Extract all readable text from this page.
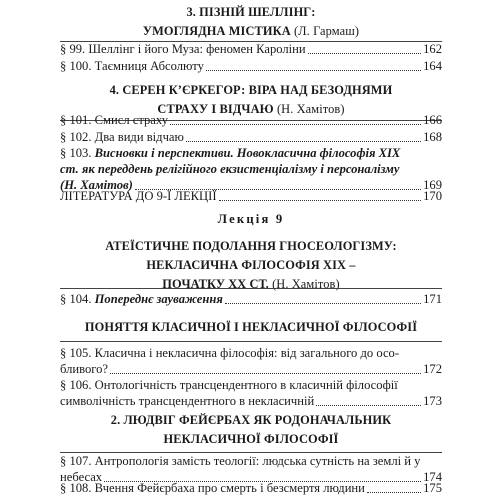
3. ПІЗНІЙ ШЕЛЛІНГ:
УМОГЛЯДНА МІСТИКА (Л. Гармаш)
§ 99. Шеллінг і його Муза: феномен Кароліни	162
§ 100. Таємниця Абсолюту	164
4. СЕРЕН К’ЄРКЕГОР: ВІРА НАД БЕЗОДНЯМИ
СТРАХУ І ВІДЧАЮ (Н. Хамітов)
§ 101. Смисл страху	166
§ 102. Два види відчаю	168
§ 103. Висновки і перспективи. Новокласична філософія XIX
ст. як переддень релігійного екзистенціалізму і персоналізму
(Н. Хамітов)	169
ЛІТЕРАТУРА ДО 9-Ї ЛЕКЦІЇ	170
Лекція 9
АТЕЇСТИЧНЕ ПОДОЛАННЯ ГНОСЕОЛОГІЗМУ:
НЕКЛАСИЧНА ФІЛОСОФІЯ XIX –
ПОЧАТКУ XX СТ. (Н. Хамітов)
§ 104. Попереднє зауваження	171
ПОНЯТТЯ КЛАСИЧНОЇ І НЕКЛАСИЧНОЇ ФІЛОСОФІЇ
§ 105. Класична і некласична філософія: від загального до осо-
бливого?	172
§ 106. Онтологічність трансцендентного в класичній філософії
символічність трансцендентного в некласичній	173
2. ЛЮДВІГ ФЕЙЄРБАХ ЯК РОДОНАЧАЛЬНИК
НЕКЛАСИЧНОЇ ФІЛОСОФІЇ
§ 107. Антропологія замість теології: людська сутність на землі й у
небесах	174
§ 108. Вчення Фейєрбаха про смерть і безсмертя людини	175
